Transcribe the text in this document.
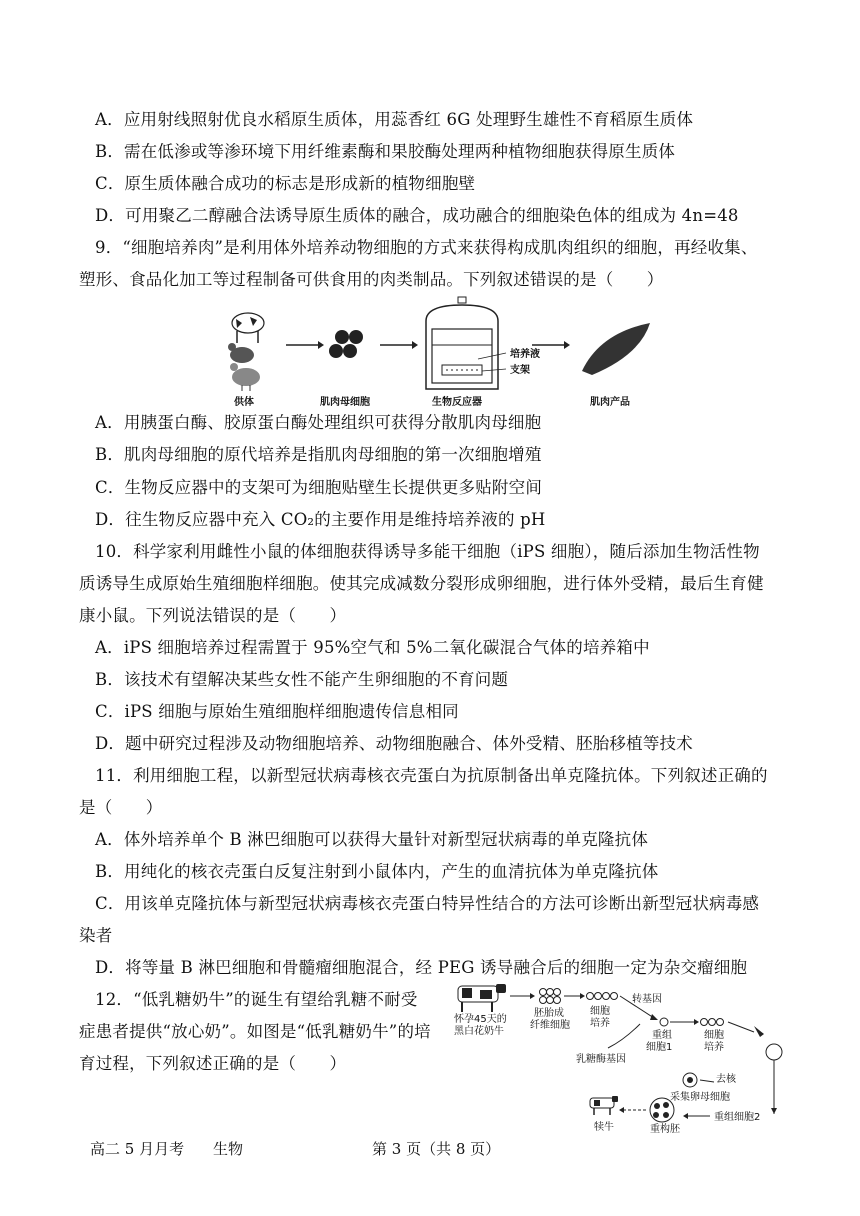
A．应用射线照射优良水稻原生质体，用蕊香红 6G 处理野生雄性不育稻原生质体
B．需在低渗或等渗环境下用纤维素酶和果胶酶处理两种植物细胞获得原生质体
C．原生质体融合成功的标志是形成新的植物细胞壁
D．可用聚乙二醇融合法诱导原生质体的融合，成功融合的细胞染色体的组成为 4n=48
9．“细胞培养肉”是利用体外培养动物细胞的方式来获得构成肌肉组织的细胞，再经收集、
塑形、食品化加工等过程制备可供食用的肉类制品。下列叙述错误的是（　　）
供体	肌肉母细胞
培养液
支架
生物反应器	肌肉产品
A．用胰蛋白酶、胶原蛋白酶处理组织可获得分散肌肉母细胞
B．肌肉母细胞的原代培养是指肌肉母细胞的第一次细胞增殖
C．生物反应器中的支架可为细胞贴壁生长提供更多贴附空间
D．往生物反应器中充入 CO₂的主要作用是维持培养液的 pH
10．科学家利用雌性小鼠的体细胞获得诱导多能干细胞（iPS 细胞），随后添加生物活性物
质诱导生成原始生殖细胞样细胞。使其完成减数分裂形成卵细胞，进行体外受精，最后生育健
康小鼠。下列说法错误的是（　　）
A．iPS 细胞培养过程需置于 95%空气和 5%二氧化碳混合气体的培养箱中
B．该技术有望解决某些女性不能产生卵细胞的不育问题
C．iPS 细胞与原始生殖细胞样细胞遗传信息相同
D．题中研究过程涉及动物细胞培养、动物细胞融合、体外受精、胚胎移植等技术
11．利用细胞工程，以新型冠状病毒核衣壳蛋白为抗原制备出单克隆抗体。下列叙述正确的
是（　　）
A．体外培养单个 B 淋巴细胞可以获得大量针对新型冠状病毒的单克隆抗体
B．用纯化的核衣壳蛋白反复注射到小鼠体内，产生的血清抗体为单克隆抗体
C．用该单克隆抗体与新型冠状病毒核衣壳蛋白特异性结合的方法可诊断出新型冠状病毒感
染者
D．将等量 B 淋巴细胞和骨髓瘤细胞混合，经 PEG 诱导融合后的细胞一定为杂交瘤细胞
12．“低乳糖奶牛”的诞生有望给乳糖不耐受
症患者提供“放心奶”。如图是“低乳糖奶牛”的培
育过程，下列叙述正确的是（　　）
怀孕45天的
黑白花奶牛
胚胎成
纤维细胞
细胞
培养
乳糖酶基因
转基因
重组
细胞1
细胞
培养
去核
采集卵母细胞
重组细胞2
重构胚
犊牛
高二 5 月月考 生物	第 3 页（共 8 页）
